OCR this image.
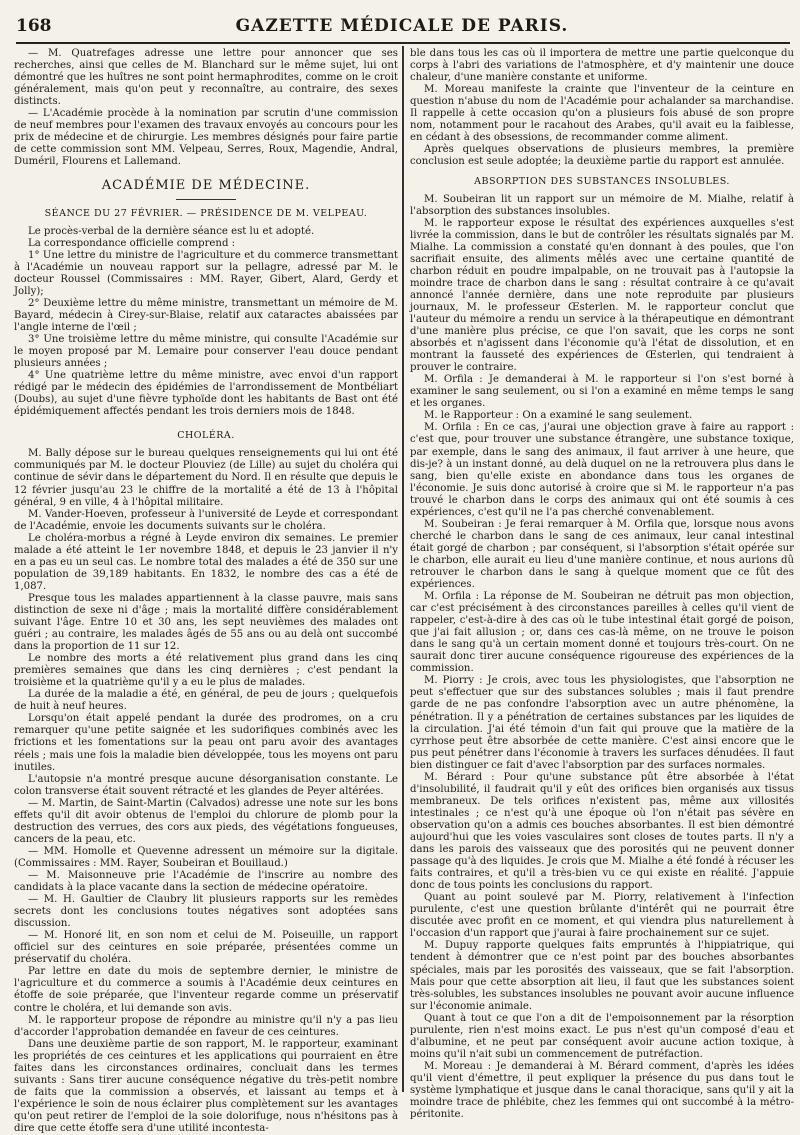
168	GAZETTE MÉDICALE DE PARIS.

— M. Quatrefages adresse une lettre pour annoncer que ses recherches, ainsi que celles de M. Blanchard sur le même sujet, lui ont démontré que les huîtres ne sont point hermaphrodites, comme on le croit généralement, mais qu'on peut y reconnaître, au contraire, des sexes distincts.

— L'Académie procède à la nomination par scrutin d'une commission de neuf membres pour l'examen des travaux envoyés au concours pour les prix de médecine et de chirurgie. Les membres désignés pour faire partie de cette commission sont MM. Velpeau, Serres, Roux, Magendie, Andral, Duméril, Flourens et Lallemand.

ACADÉMIE DE MÉDECINE.
SÉANCE DU 27 FÉVRIER. — PRÉSIDENCE DE M. VELPEAU.

Le procès-verbal de la dernière séance est lu et adopté.

La correspondance officielle comprend :

1° Une lettre du ministre de l'agriculture et du commerce transmettant à l'Académie un nouveau rapport sur la pellagre, adressé par M. le docteur Roussel (Commissaires : MM. Rayer, Gibert, Alard, Gerdy et Jolly);

2° Deuxième lettre du même ministre, transmettant un mémoire de M. Bayard, médecin à Cirey-sur-Blaise, relatif aux cataractes abaissées par l'angle interne de l'œil ;

3° Une troisième lettre du même ministre, qui consulte l'Académie sur le moyen proposé par M. Lemaire pour conserver l'eau douce pendant plusieurs années ;

4° Une quatrième lettre du même ministre, avec envoi d'un rapport rédigé par le médecin des épidémies de l'arrondissement de Montbéliart (Doubs), au sujet d'une fièvre typhoïde dont les habitants de Bast ont été épidémiquement affectés pendant les trois derniers mois de 1848.

CHOLÉRA.

M. Bally dépose sur le bureau quelques renseignements qui lui ont été communiqués par M. le docteur Plouviez (de Lille) au sujet du choléra qui continue de sévir dans le département du Nord. Il en résulte que depuis le 12 février jusqu'au 23 le chiffre de la mortalité a été de 13 à l'hôpital général, 9 en ville, 4 à l'hôpital militaire.

M. Vander-Hoeven, professeur à l'université de Leyde et correspondant de l'Académie, envoie les documents suivants sur le choléra.

Le choléra-morbus a régné à Leyde environ dix semaines. Le premier malade a été atteint le 1er novembre 1848, et depuis le 23 janvier il n'y en a pas eu un seul cas. Le nombre total des malades a été de 350 sur une population de 39,189 habitants. En 1832, le nombre des cas a été de 1,087.

Presque tous les malades appartiennent à la classe pauvre, mais sans distinction de sexe ni d'âge ; mais la mortalité diffère considérablement suivant l'âge. Entre 10 et 30 ans, les sept neuvièmes des malades ont guéri ; au contraire, les malades âgés de 55 ans ou au delà ont succombé dans la proportion de 11 sur 12.

Le nombre des morts a été relativement plus grand dans les cinq premières semaines que dans les cinq dernières ; c'est pendant la troisième et la quatrième qu'il y a eu le plus de malades.

La durée de la maladie a été, en général, de peu de jours ; quelquefois de huit à neuf heures.

Lorsqu'on était appelé pendant la durée des prodromes, on a cru remarquer qu'une petite saignée et les sudorifiques combinés avec les frictions et les fomentations sur la peau ont paru avoir des avantages réels ; mais une fois la maladie bien développée, tous les moyens ont paru inutiles.

L'autopsie n'a montré presque aucune désorganisation constante. Le colon transverse était souvent rétracté et les glandes de Peyer altérées.

— M. Martin, de Saint-Martin (Calvados) adresse une note sur les bons effets qu'il dit avoir obtenus de l'emploi du chlorure de plomb pour la destruction des verrues, des cors aux pieds, des végétations fongueuses, cancers de la peau, etc.

— MM. Homolle et Quevenne adressent un mémoire sur la digitale. (Commissaires : MM. Rayer, Soubeiran et Bouillaud.)

— M. Maisonneuve prie l'Académie de l'inscrire au nombre des candidats à la place vacante dans la section de médecine opératoire.

— M. H. Gaultier de Claubry lit plusieurs rapports sur les remèdes secrets dont les conclusions toutes négatives sont adoptées sans discussion.

— M. Honoré lit, en son nom et celui de M. Poiseuille, un rapport officiel sur des ceintures en soie préparée, présentées comme un préservatif du choléra.

Par lettre en date du mois de septembre dernier, le ministre de l'agriculture et du commerce a soumis à l'Académie deux ceintures en étoffe de soie préparée, que l'inventeur regarde comme un préservatif contre le choléra, et lui demande son avis.

M. le rapporteur propose de répondre au ministre qu'il n'y a pas lieu d'accorder l'approbation demandée en faveur de ces ceintures.

Dans une deuxième partie de son rapport, M. le rapporteur, examinant les propriétés de ces ceintures et les applications qui pourraient en être faites dans les circonstances ordinaires, concluait dans les termes suivants : Sans tirer aucune conséquence négative du très-petit nombre de faits que la commission a observés, et laissant au temps et à l'expérience le soin de nous éclairer plus complètement sur les avantages qu'on peut retirer de l'emploi de la soie dolorifuge, nous n'hésitons pas à dire que cette étoffe sera d'une utilité incontesta-

ble dans tous les cas où il importera de mettre une partie quelconque du corps à l'abri des variations de l'atmosphère, et d'y maintenir une douce chaleur, d'une manière constante et uniforme.

M. Moreau manifeste la crainte que l'inventeur de la ceinture en question n'abuse du nom de l'Académie pour achalander sa marchandise. Il rappelle à cette occasion qu'on a plusieurs fois abusé de son propre nom, notamment pour le racahout des Arabes, qu'il avait eu la faiblesse, en cédant à des obsessions, de recommander comme aliment.

Après quelques observations de plusieurs membres, la première conclusion est seule adoptée; la deuxième partie du rapport est annulée.

ABSORPTION DES SUBSTANCES INSOLUBLES.

M. Soubeiran lit un rapport sur un mémoire de M. Mialhe, relatif à l'absorption des substances insolubles.

M. le rapporteur expose le résultat des expériences auxquelles s'est livrée la commission, dans le but de contrôler les résultats signalés par M. Mialhe. La commission a constaté qu'en donnant à des poules, que l'on sacrifiait ensuite, des aliments mêlés avec une certaine quantité de charbon réduit en poudre impalpable, on ne trouvait pas à l'autopsie la moindre trace de charbon dans le sang : résultat contraire à ce qu'avait annoncé l'année dernière, dans une note reproduite par plusieurs journaux, M. le professeur Œsterlen. M. le rapporteur conclut que l'auteur du mémoire a rendu un service à la thérapeutique en démontrant d'une manière plus précise, ce que l'on savait, que les corps ne sont absorbés et n'agissent dans l'économie qu'à l'état de dissolution, et en montrant la fausseté des expériences de Œsterlen, qui tendraient à prouver le contraire.

M. Orfila : Je demanderai à M. le rapporteur si l'on s'est borné à examiner le sang seulement, ou si l'on a examiné en même temps le sang et les organes.

M. le Rapporteur : On a examiné le sang seulement.

M. Orfila : En ce cas, j'aurai une objection grave à faire au rapport : c'est que, pour trouver une substance étrangère, une substance toxique, par exemple, dans le sang des animaux, il faut arriver à une heure, que dis-je? à un instant donné, au delà duquel on ne la retrouvera plus dans le sang, bien qu'elle existe en abondance dans tous les organes de l'économie. Je suis donc autorisé à croire que si M. le rapporteur n'a pas trouvé le charbon dans le corps des animaux qui ont été soumis à ces expériences, c'est qu'il ne l'a pas cherché convenablement.

M. Soubeiran : Je ferai remarquer à M. Orfila que, lorsque nous avons cherché le charbon dans le sang de ces animaux, leur canal intestinal était gorgé de charbon ; par conséquent, si l'absorption s'était opérée sur le charbon, elle aurait eu lieu d'une manière continue, et nous aurions dû retrouver le charbon dans le sang à quelque moment que ce fût des expériences.

M. Orfila : La réponse de M. Soubeiran ne détruit pas mon objection, car c'est précisément à des circonstances pareilles à celles qu'il vient de rappeler, c'est-à-dire à des cas où le tube intestinal était gorgé de poison, que j'ai fait allusion ; or, dans ces cas-là même, on ne trouve le poison dans le sang qu'à un certain moment donné et toujours très-court. On ne saurait donc tirer aucune conséquence rigoureuse des expériences de la commission.

M. Piorry : Je crois, avec tous les physiologistes, que l'absorption ne peut s'effectuer que sur des substances solubles ; mais il faut prendre garde de ne pas confondre l'absorption avec un autre phénomène, la pénétration. Il y a pénétration de certaines substances par les liquides de la circulation. J'ai été témoin d'un fait qui prouve que la matière de la cyrrhose peut être absorbée de cette manière. C'est ainsi encore que le pus peut pénétrer dans l'économie à travers les surfaces dénudées. Il faut bien distinguer ce fait d'avec l'absorption par des surfaces normales.

M. Bérard : Pour qu'une substance pût être absorbée à l'état d'insolubilité, il faudrait qu'il y eût des orifices bien organisés aux tissus membraneux. De tels orifices n'existent pas, même aux villosités intestinales ; ce n'est qu'à une époque où l'on n'était pas sévère en observation qu'on a admis ces bouches absorbantes. Il est bien démontré aujourd'hui que les voies vasculaires sont closes de toutes parts. Il n'y a dans les parois des vaisseaux que des porosités qui ne peuvent donner passage qu'à des liquides. Je crois que M. Mialhe a été fondé à récuser les faits contraires, et qu'il a très-bien vu ce qui existe en réalité. J'appuie donc de tous points les conclusions du rapport.

Quant au point soulevé par M. Piorry, relativement à l'infection purulente, c'est une question brûlante d'intérêt qui ne pourrait être discutée avec profit en ce moment, et qui viendra plus naturellement à l'occasion d'un rapport que j'aurai à faire prochainement sur ce sujet.

M. Dupuy rapporte quelques faits empruntés à l'hippiatrique, qui tendent à démontrer que ce n'est point par des bouches absorbantes spéciales, mais par les porosités des vaisseaux, que se fait l'absorption. Mais pour que cette absorption ait lieu, il faut que les substances soient très-solubles, les substances insolubles ne pouvant avoir aucune influence sur l'économie animale.

Quant à tout ce que l'on a dit de l'empoisonnement par la résorption purulente, rien n'est moins exact. Le pus n'est qu'un composé d'eau et d'albumine, et ne peut par conséquent avoir aucune action toxique, à moins qu'il n'ait subi un commencement de putréfaction.

M. Moreau : Je demanderai à M. Bérard comment, d'après les idées qu'il vient d'émettre, il peut expliquer la présence du pus dans tout le système lymphatique et jusque dans le canal thoracique, sans qu'il y ait la moindre trace de phlébite, chez les femmes qui ont succombé à la métro-péritonite.
